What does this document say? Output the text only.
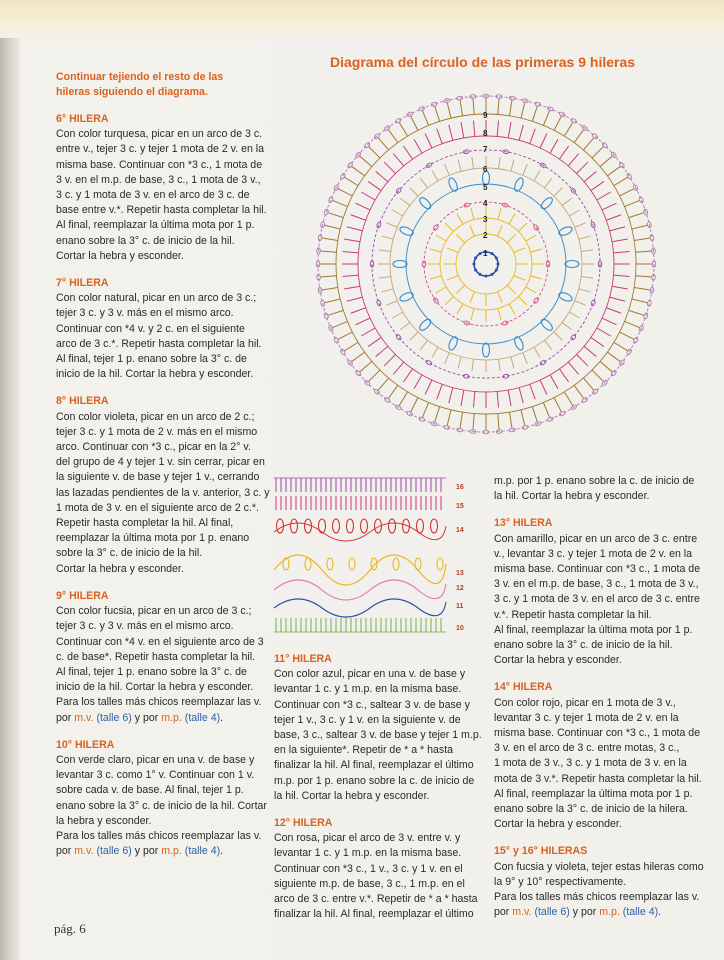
Diagrama del círculo de las primeras 9 hileras
Continuar tejiendo el resto de las hileras siguiendo el diagrama.
6° HILERA

Con color turquesa, picar en un arco de 3 c.

entre v., tejer 3 c. y tejer 1 mota de 2 v. en la

misma base. Continuar con *3 c., 1 mota de

3 v. en el m.p. de base, 3 c., 1 mota de 3 v.,

3 c. y 1 mota de 3 v. en el arco de 3 c. de

base entre v.*. Repetir hasta completar la hil.

Al final, reemplazar la última mota por 1 p.

enano sobre la 3° c. de inicio de la hil.

Cortar la hebra y esconder.

7° HILERA

Con color natural, picar en un arco de 3 c.;

tejer 3 c. y 3 v. más en el mismo arco.

Continuar con *4 v. y 2 c. en el siguiente

arco de 3 c.*. Repetir hasta completar la hil.

Al final, tejer 1 p. enano sobre la 3° c. de

inicio de la hil. Cortar la hebra y esconder.

8° HILERA

Con color violeta, picar en un arco de 2 c.;

tejer 3 c. y 1 mota de 2 v. más en el mismo

arco. Continuar con *3 c., picar en la 2° v.

del grupo de 4 y tejer 1 v. sin cerrar, picar en

la siguiente v. de base y tejer 1 v., cerrando

las lazadas pendientes de la v. anterior, 3 c. y

1 mota de 3 v. en el siguiente arco de 2 c.*.

Repetir hasta completar la hil. Al final,

reemplazar la última mota por 1 p. enano

sobre la 3° c. de inicio de la hil.

Cortar la hebra y esconder.

9° HILERA

Con color fucsia, picar en un arco de 3 c.;

tejer 3 c. y 3 v. más en el mismo arco.

Continuar con *4 v. en el siguiente arco de 3

c. de base*. Repetir hasta completar la hil.

Al final, tejer 1 p. enano sobre la 3° c. de

inicio de la hil. Cortar la hebra y esconder.

Para los talles más chicos reemplazar las v.

por m.v. (talle 6) y por m.p. (talle 4).

10° HILERA

Con verde claro, picar en una v. de base y

levantar 3 c. como 1° v. Continuar con 1 v.

sobre cada v. de base. Al final, tejer 1 p.

enano sobre la 3° c. de inicio de la hil. Cortar

la hebra y esconder.

Para los talles más chicos reemplazar las v.

por m.v. (talle 6) y por m.p. (talle 4).

1
2
3
4
5
6
7
8
9
16
15
14
13
12
11
10
11° HILERA

Con color azul, picar en una v. de base y

levantar 1 c. y 1 m.p. en la misma base.

Continuar con *3 c., saltear 3 v. de base y

tejer 1 v., 3 c. y 1 v. en la siguiente v. de

base, 3 c., saltear 3 v. de base y tejer 1 m.p.

en la siguiente*. Repetir de * a * hasta

finalizar la hil. Al final, reemplazar el último

m.p. por 1 p. enano sobre la c. de inicio de

la hil. Cortar la hebra y esconder.

12° HILERA

Con rosa, picar el arco de 3 v. entre v. y

levantar 1 c. y 1 m.p. en la misma base.

Continuar con *3 c., 1 v., 3 c. y 1 v. en el

siguiente m.p. de base, 3 c., 1 m.p. en el

arco de 3 c. entre v.*. Repetir de * a * hasta

finalizar la hil. Al final, reemplazar el último

m.p. por 1 p. enano sobre la c. de inicio de

la hil. Cortar la hebra y esconder.

13° HILERA

Con amarillo, picar en un arco de 3 c. entre

v., levantar 3 c. y tejer 1 mota de 2 v. en la

misma base. Continuar con *3 c., 1 mota de

3 v. en el m.p. de base, 3 c., 1 mota de 3 v.,

3 c. y 1 mota de 3 v. en el arco de 3 c. entre

v.*. Repetir hasta completar la hil.

Al final, reemplazar la última mota por 1 p.

enano sobre la 3° c. de inicio de la hil.

Cortar la hebra y esconder.

14° HILERA

Con color rojo, picar en 1 mota de 3 v.,

levantar 3 c. y tejer 1 mota de 2 v. en la

misma base. Continuar con *3 c., 1 mota de

3 v. en el arco de 3 c. entre motas, 3 c.,

1 mota de 3 v., 3 c. y 1 mota de 3 v. en la

mota de 3 v.*. Repetir hasta completar la hil.

Al final, reemplazar la última mota por 1 p.

enano sobre la 3° c. de inicio de la hilera.

Cortar la hebra y esconder.

15° y 16° HILERAS

Con fucsia y violeta, tejer estas hileras como

la 9° y 10° respectivamente.

Para los talles más chicos reemplazar las v.

por m.v. (talle 6) y por m.p. (talle 4).

pág. 6
